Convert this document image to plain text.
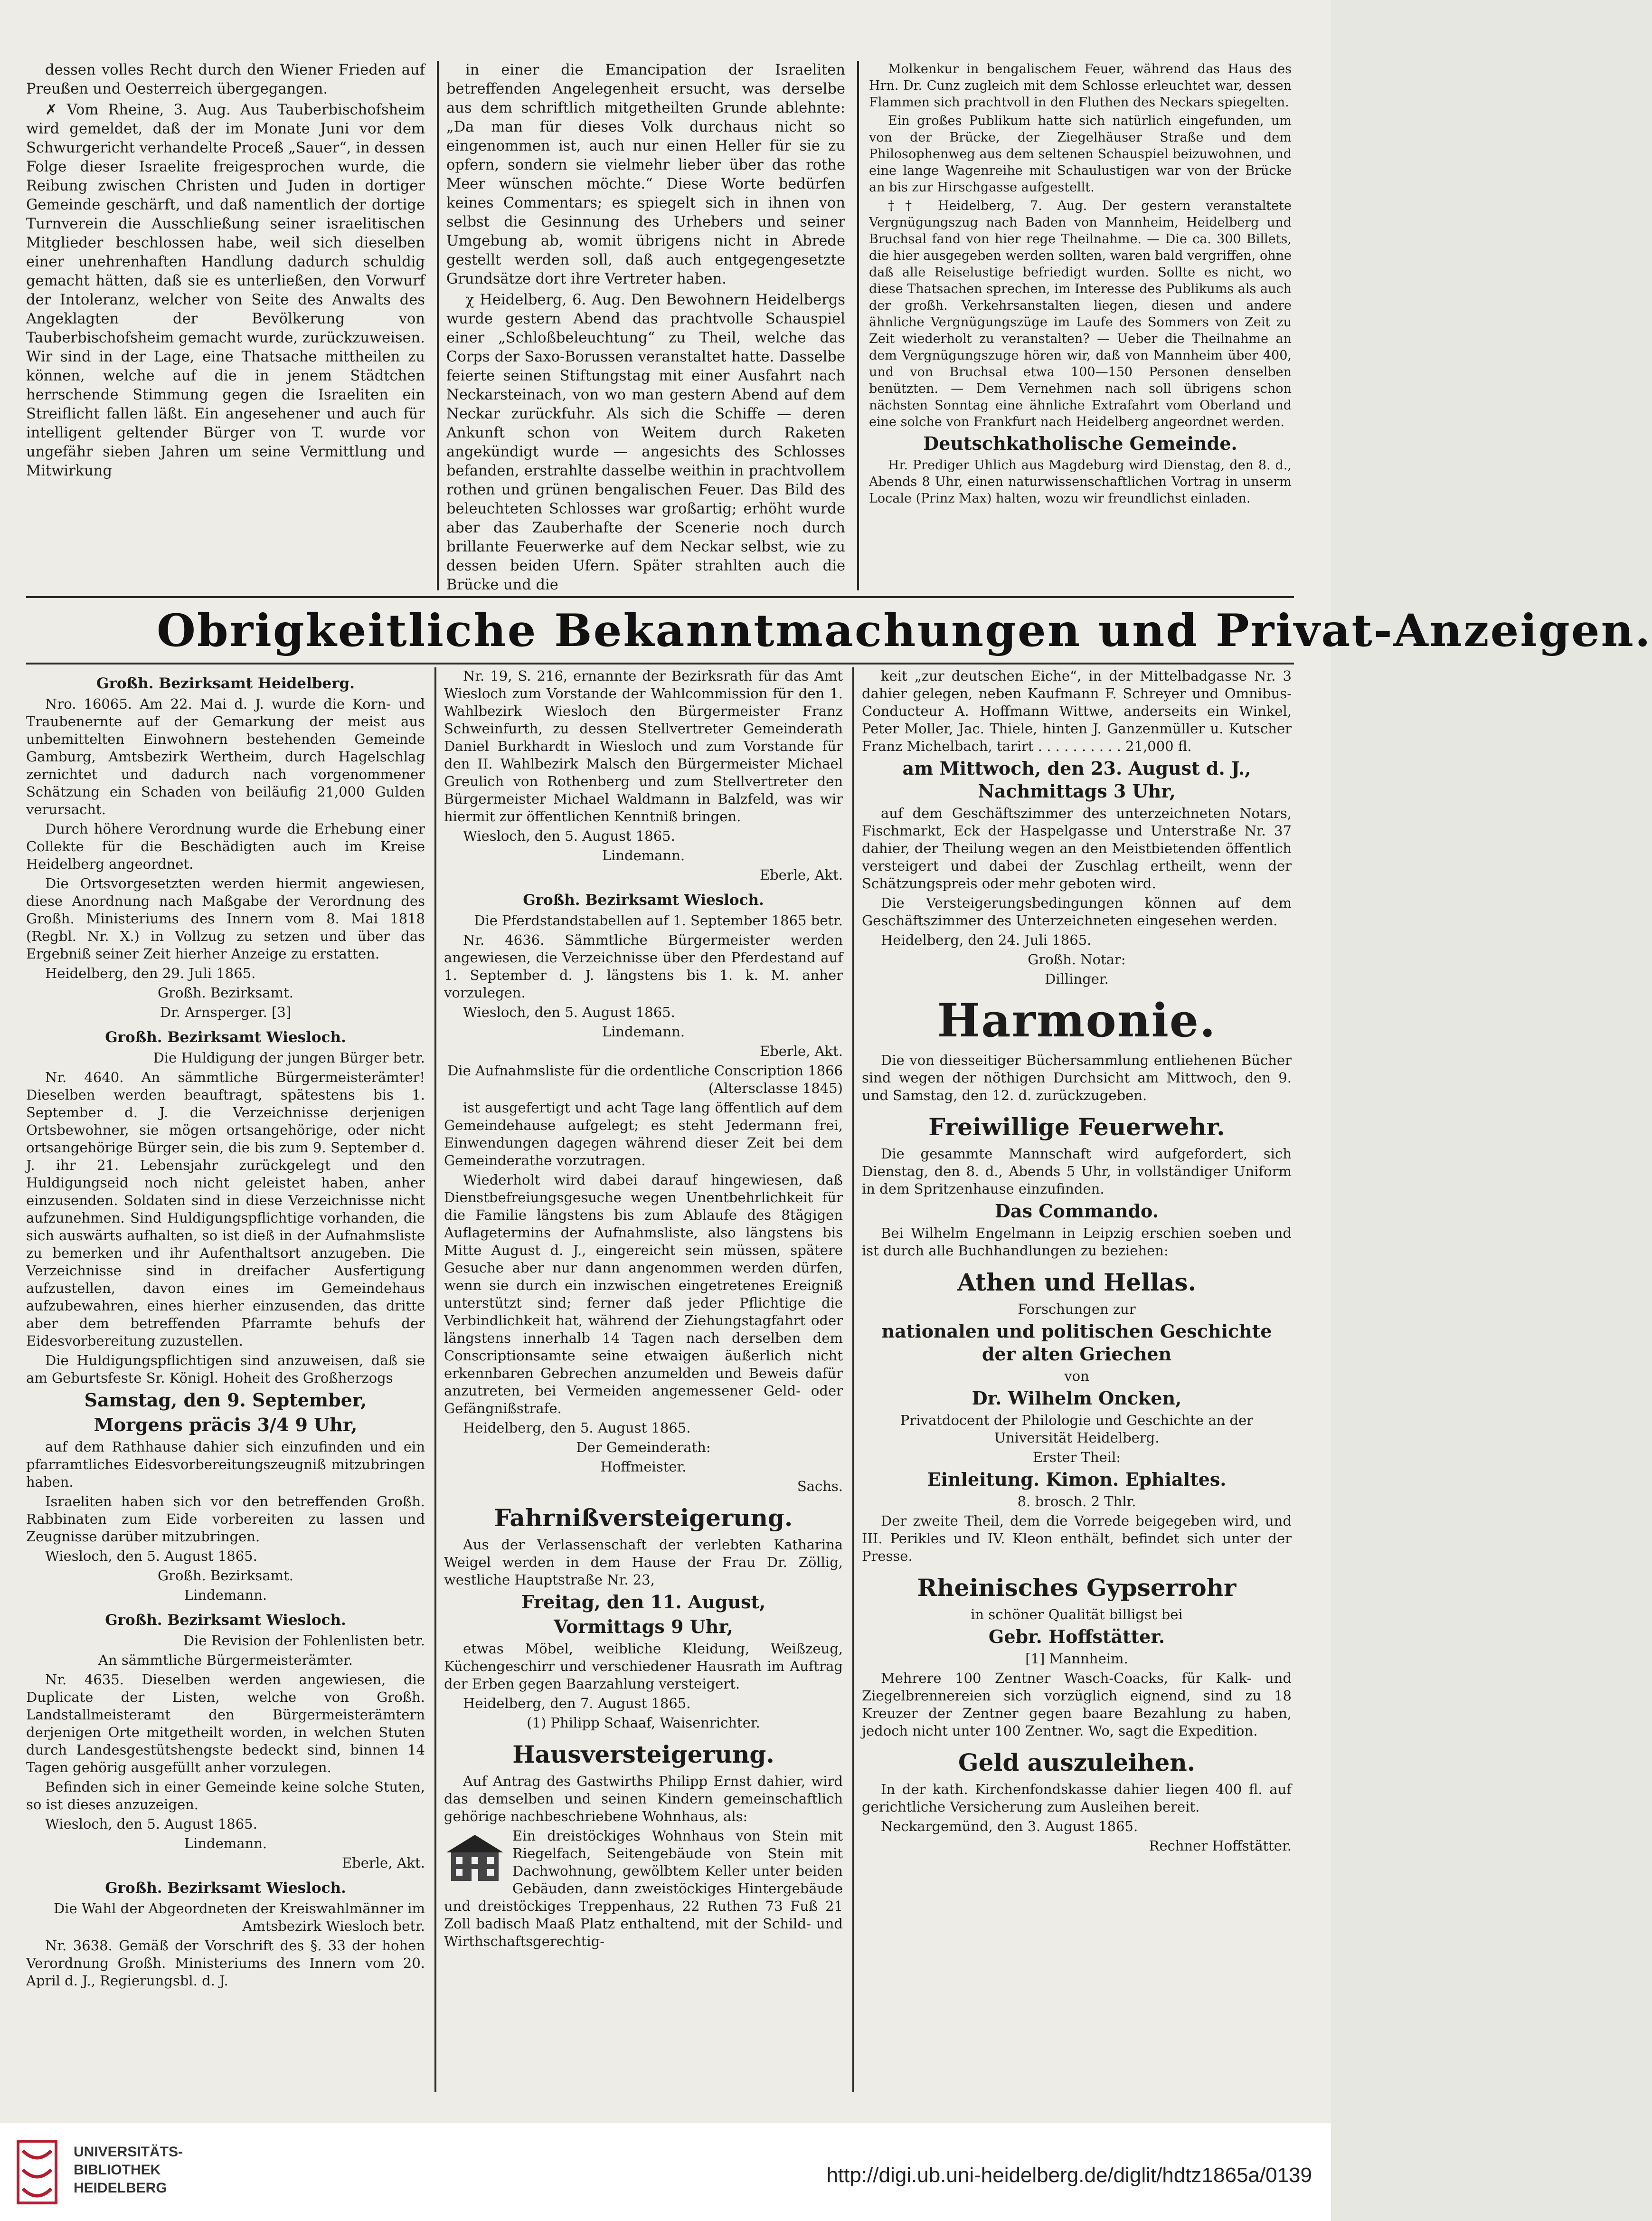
dessen volles Recht durch den Wiener Frieden auf Preußen und Oesterreich übergegangen.

✗ Vom Rheine, 3. Aug. Aus Tauberbischofsheim wird gemeldet, daß der im Monate Juni vor dem Schwurgericht verhandelte Proceß „Sauer“, in dessen Folge dieser Israelite freigesprochen wurde, die Reibung zwischen Christen und Juden in dortiger Gemeinde geschärft, und daß namentlich der dortige Turnverein die Ausschließung seiner israelitischen Mitglieder beschlossen habe, weil sich dieselben einer unehrenhaften Handlung dadurch schuldig gemacht hätten, daß sie es unterließen, den Vorwurf der Intoleranz, welcher von Seite des Anwalts des Angeklagten der Bevölkerung von Tauberbischofsheim gemacht wurde, zurückzuweisen. Wir sind in der Lage, eine Thatsache mittheilen zu können, welche auf die in jenem Städtchen herrschende Stimmung gegen die Israeliten ein Streiflicht fallen läßt. Ein angesehener und auch für intelligent geltender Bürger von T. wurde vor ungefähr sieben Jahren um seine Vermittlung und Mitwirkung

in einer die Emancipation der Israeliten betreffenden Angelegenheit ersucht, was derselbe aus dem schriftlich mitgetheilten Grunde ablehnte: „Da man für dieses Volk durchaus nicht so eingenommen ist, auch nur einen Heller für sie zu opfern, sondern sie vielmehr lieber über das rothe Meer wünschen möchte.“ Diese Worte bedürfen keines Commentars; es spiegelt sich in ihnen von selbst die Gesinnung des Urhebers und seiner Umgebung ab, womit übrigens nicht in Abrede gestellt werden soll, daß auch entgegengesetzte Grundsätze dort ihre Vertreter haben.

χ Heidelberg, 6. Aug. Den Bewohnern Heidelbergs wurde gestern Abend das prachtvolle Schauspiel einer „Schloßbeleuchtung“ zu Theil, welche das Corps der Saxo-Borussen veranstaltet hatte. Dasselbe feierte seinen Stiftungstag mit einer Ausfahrt nach Neckarsteinach, von wo man gestern Abend auf dem Neckar zurückfuhr. Als sich die Schiffe — deren Ankunft schon von Weitem durch Raketen angekündigt wurde — angesichts des Schlosses befanden, erstrahlte dasselbe weithin in prachtvollem rothen und grünen bengalischen Feuer. Das Bild des beleuchteten Schlosses war großartig; erhöht wurde aber das Zauberhafte der Scenerie noch durch brillante Feuerwerke auf dem Neckar selbst, wie zu dessen beiden Ufern. Später strahlten auch die Brücke und die

Molkenkur in bengalischem Feuer, während das Haus des Hrn. Dr. Cunz zugleich mit dem Schlosse erleuchtet war, dessen Flammen sich prachtvoll in den Fluthen des Neckars spiegelten.

Ein großes Publikum hatte sich natürlich eingefunden, um von der Brücke, der Ziegelhäuser Straße und dem Philosophenweg aus dem seltenen Schauspiel beizuwohnen, und eine lange Wagenreihe mit Schaulustigen war von der Brücke an bis zur Hirschgasse aufgestellt.

†† Heidelberg, 7. Aug. Der gestern veranstaltete Vergnügungszug nach Baden von Mannheim, Heidelberg und Bruchsal fand von hier rege Theilnahme. — Die ca. 300 Billets, die hier ausgegeben werden sollten, waren bald vergriffen, ohne daß alle Reiselustige befriedigt wurden. Sollte es nicht, wo diese Thatsachen sprechen, im Interesse des Publikums als auch der großh. Verkehrsanstalten liegen, diesen und andere ähnliche Vergnügungszüge im Laufe des Sommers von Zeit zu Zeit wiederholt zu veranstalten? — Ueber die Theilnahme an dem Vergnügungszuge hören wir, daß von Mannheim über 400, und von Bruchsal etwa 100—150 Personen denselben benützten. — Dem Vernehmen nach soll übrigens schon nächsten Sonntag eine ähnliche Extrafahrt vom Oberland und eine solche von Frankfurt nach Heidelberg angeordnet werden.

Deutschkatholische Gemeinde.

Hr. Prediger Uhlich aus Magdeburg wird Dienstag, den 8. d., Abends 8 Uhr, einen naturwissenschaftlichen Vortrag in unserm Locale (Prinz Max) halten, wozu wir freundlichst einladen.

Obrigkeitliche Bekanntmachungen und Privat-Anzeigen.

Großh. Bezirksamt Heidelberg.

Nro. 16065. Am 22. Mai d. J. wurde die Korn- und Traubenernte auf der Gemarkung der meist aus unbemittelten Einwohnern bestehenden Gemeinde Gamburg, Amtsbezirk Wertheim, durch Hagelschlag zernichtet und dadurch nach vorgenommener Schätzung ein Schaden von beiläufig 21,000 Gulden verursacht.

Durch höhere Verordnung wurde die Erhebung einer Collekte für die Beschädigten auch im Kreise Heidelberg angeordnet.

Die Ortsvorgesetzten werden hiermit angewiesen, diese Anordnung nach Maßgabe der Verordnung des Großh. Ministeriums des Innern vom 8. Mai 1818 (Regbl. Nr. X.) in Vollzug zu setzen und über das Ergebniß seiner Zeit hierher Anzeige zu erstatten.

Heidelberg, den 29. Juli 1865.

Großh. Bezirksamt.

Dr. Arnsperger. [3]

Großh. Bezirksamt Wiesloch.

Die Huldigung der jungen Bürger betr.

Nr. 4640. An sämmtliche Bürgermeisterämter! Dieselben werden beauftragt, spätestens bis 1. September d. J. die Verzeichnisse derjenigen Ortsbewohner, sie mögen ortsangehörige, oder nicht ortsangehörige Bürger sein, die bis zum 9. September d. J. ihr 21. Lebensjahr zurückgelegt und den Huldigungseid noch nicht geleistet haben, anher einzusenden. Soldaten sind in diese Verzeichnisse nicht aufzunehmen. Sind Huldigungspflichtige vorhanden, die sich auswärts aufhalten, so ist dieß in der Aufnahmsliste zu bemerken und ihr Aufenthaltsort anzugeben. Die Verzeichnisse sind in dreifacher Ausfertigung aufzustellen, davon eines im Gemeindehaus aufzubewahren, eines hierher einzusenden, das dritte aber dem betreffenden Pfarramte behufs der Eidesvorbereitung zuzustellen.

Die Huldigungspflichtigen sind anzuweisen, daß sie am Geburtsfeste Sr. Königl. Hoheit des Großherzogs

Samstag, den 9. September,

Morgens präcis 3/4 9 Uhr,

auf dem Rathhause dahier sich einzufinden und ein pfarramtliches Eidesvorbereitungszeugniß mitzubringen haben.

Israeliten haben sich vor den betreffenden Großh. Rabbinaten zum Eide vorbereiten zu lassen und Zeugnisse darüber mitzubringen.

Wiesloch, den 5. August 1865.

Großh. Bezirksamt.

Lindemann.

Großh. Bezirksamt Wiesloch.

Die Revision der Fohlenlisten betr.

An sämmtliche Bürgermeisterämter.

Nr. 4635. Dieselben werden angewiesen, die Duplicate der Listen, welche von Großh. Landstallmeisteramt den Bürgermeisterämtern derjenigen Orte mitgetheilt worden, in welchen Stuten durch Landesgestütshengste bedeckt sind, binnen 14 Tagen gehörig ausgefüllt anher vorzulegen.

Befinden sich in einer Gemeinde keine solche Stuten, so ist dieses anzuzeigen.

Wiesloch, den 5. August 1865.

Lindemann.

Eberle, Akt.

Großh. Bezirksamt Wiesloch.

Die Wahl der Abgeordneten der Kreiswahlmänner im Amtsbezirk Wiesloch betr.

Nr. 3638. Gemäß der Vorschrift des §. 33 der hohen Verordnung Großh. Ministeriums des Innern vom 20. April d. J., Regierungsbl. d. J.

Nr. 19, S. 216, ernannte der Bezirksrath für das Amt Wiesloch zum Vorstande der Wahlcommission für den 1. Wahlbezirk Wiesloch den Bürgermeister Franz Schweinfurth, zu dessen Stellvertreter Gemeinderath Daniel Burkhardt in Wiesloch und zum Vorstande für den II. Wahlbezirk Malsch den Bürgermeister Michael Greulich von Rothenberg und zum Stellvertreter den Bürgermeister Michael Waldmann in Balzfeld, was wir hiermit zur öffentlichen Kenntniß bringen.

Wiesloch, den 5. August 1865.

Lindemann.

Eberle, Akt.

Großh. Bezirksamt Wiesloch.

Die Pferdstandstabellen auf 1. September 1865 betr.

Nr. 4636. Sämmtliche Bürgermeister werden angewiesen, die Verzeichnisse über den Pferdestand auf 1. September d. J. längstens bis 1. k. M. anher vorzulegen.

Wiesloch, den 5. August 1865.

Lindemann.

Eberle, Akt.

Die Aufnahmsliste für die ordentliche Conscription 1866 (Altersclasse 1845)

ist ausgefertigt und acht Tage lang öffentlich auf dem Gemeindehause aufgelegt; es steht Jedermann frei, Einwendungen dagegen während dieser Zeit bei dem Gemeinderathe vorzutragen.

Wiederholt wird dabei darauf hingewiesen, daß Dienstbefreiungsgesuche wegen Unentbehrlichkeit für die Familie längstens bis zum Ablaufe des 8tägigen Auflagetermins der Aufnahmsliste, also längstens bis Mitte August d. J., eingereicht sein müssen, spätere Gesuche aber nur dann angenommen werden dürfen, wenn sie durch ein inzwischen eingetretenes Ereigniß unterstützt sind; ferner daß jeder Pflichtige die Verbindlichkeit hat, während der Ziehungstagfahrt oder längstens innerhalb 14 Tagen nach derselben dem Conscriptionsamte seine etwaigen äußerlich nicht erkennbaren Gebrechen anzumelden und Beweis dafür anzutreten, bei Vermeiden angemessener Geld- oder Gefängnißstrafe.

Heidelberg, den 5. August 1865.

Der Gemeinderath:

Hoffmeister.

Sachs.

Fahrnißversteigerung.

Aus der Verlassenschaft der verlebten Katharina Weigel werden in dem Hause der Frau Dr. Zöllig, westliche Hauptstraße Nr. 23,

Freitag, den 11. August,

Vormittags 9 Uhr,

etwas Möbel, weibliche Kleidung, Weißzeug, Küchengeschirr und verschiedener Hausrath im Auftrag der Erben gegen Baarzahlung versteigert.

Heidelberg, den 7. August 1865.

(1) Philipp Schaaf, Waisenrichter.

Hausversteigerung.

Auf Antrag des Gastwirths Philipp Ernst dahier, wird das demselben und seinen Kindern gemeinschaftlich gehörige nachbeschriebene Wohnhaus, als:

Ein dreistöckiges Wohnhaus von Stein mit Riegelfach, Seitengebäude von Stein mit Dachwohnung, gewölbtem Keller unter beiden Gebäuden, dann zweistöckiges Hintergebäude und dreistöckiges Treppenhaus, 22 Ruthen 73 Fuß 21 Zoll badisch Maaß Platz enthaltend, mit der Schild- und Wirthschaftsgerechtig-

keit „zur deutschen Eiche“, in der Mittelbadgasse Nr. 3 dahier gelegen, neben Kaufmann F. Schreyer und Omnibus-Conducteur A. Hoffmann Wittwe, anderseits ein Winkel, Peter Moller, Jac. Thiele, hinten J. Ganzenmüller u. Kutscher Franz Michelbach, tarirt . . . . . . . . . . 21,000 fl.

am Mittwoch, den 23. August d. J., Nachmittags 3 Uhr,

auf dem Geschäftszimmer des unterzeichneten Notars, Fischmarkt, Eck der Haspelgasse und Unterstraße Nr. 37 dahier, der Theilung wegen an den Meistbietenden öffentlich versteigert und dabei der Zuschlag ertheilt, wenn der Schätzungspreis oder mehr geboten wird.

Die Versteigerungsbedingungen können auf dem Geschäftszimmer des Unterzeichneten eingesehen werden.

Heidelberg, den 24. Juli 1865.

Großh. Notar:

Dillinger.

Harmonie.

Die von diesseitiger Büchersammlung entliehenen Bücher sind wegen der nöthigen Durchsicht am Mittwoch, den 9. und Samstag, den 12. d. zurückzugeben.

Freiwillige Feuerwehr.

Die gesammte Mannschaft wird aufgefordert, sich Dienstag, den 8. d., Abends 5 Uhr, in vollständiger Uniform in dem Spritzenhause einzufinden.

Das Commando.

Bei Wilhelm Engelmann in Leipzig erschien soeben und ist durch alle Buchhandlungen zu beziehen:

Athen und Hellas.

Forschungen zur

nationalen und politischen Geschichte der alten Griechen

von

Dr. Wilhelm Oncken,

Privatdocent der Philologie und Geschichte an der Universität Heidelberg.

Erster Theil:

Einleitung. Kimon. Ephialtes.

8. brosch. 2 Thlr.

Der zweite Theil, dem die Vorrede beigegeben wird, und III. Perikles und IV. Kleon enthält, befindet sich unter der Presse.

Rheinisches Gypserrohr

in schöner Qualität billigst bei

Gebr. Hoffstätter.

[1] Mannheim.

Mehrere 100 Zentner Wasch-Coacks, für Kalk- und Ziegelbrennereien sich vorzüglich eignend, sind zu 18 Kreuzer der Zentner gegen baare Bezahlung zu haben, jedoch nicht unter 100 Zentner. Wo, sagt die Expedition.

Geld auszuleihen.

In der kath. Kirchenfondskasse dahier liegen 400 fl. auf gerichtliche Versicherung zum Ausleihen bereit.

Neckargemünd, den 3. August 1865.

Rechner Hoffstätter.

UNIVERSITÄTS-
BIBLIOTHEK
HEIDELBERG
http://digi.ub.uni-heidelberg.de/diglit/hdtz1865a/0139
